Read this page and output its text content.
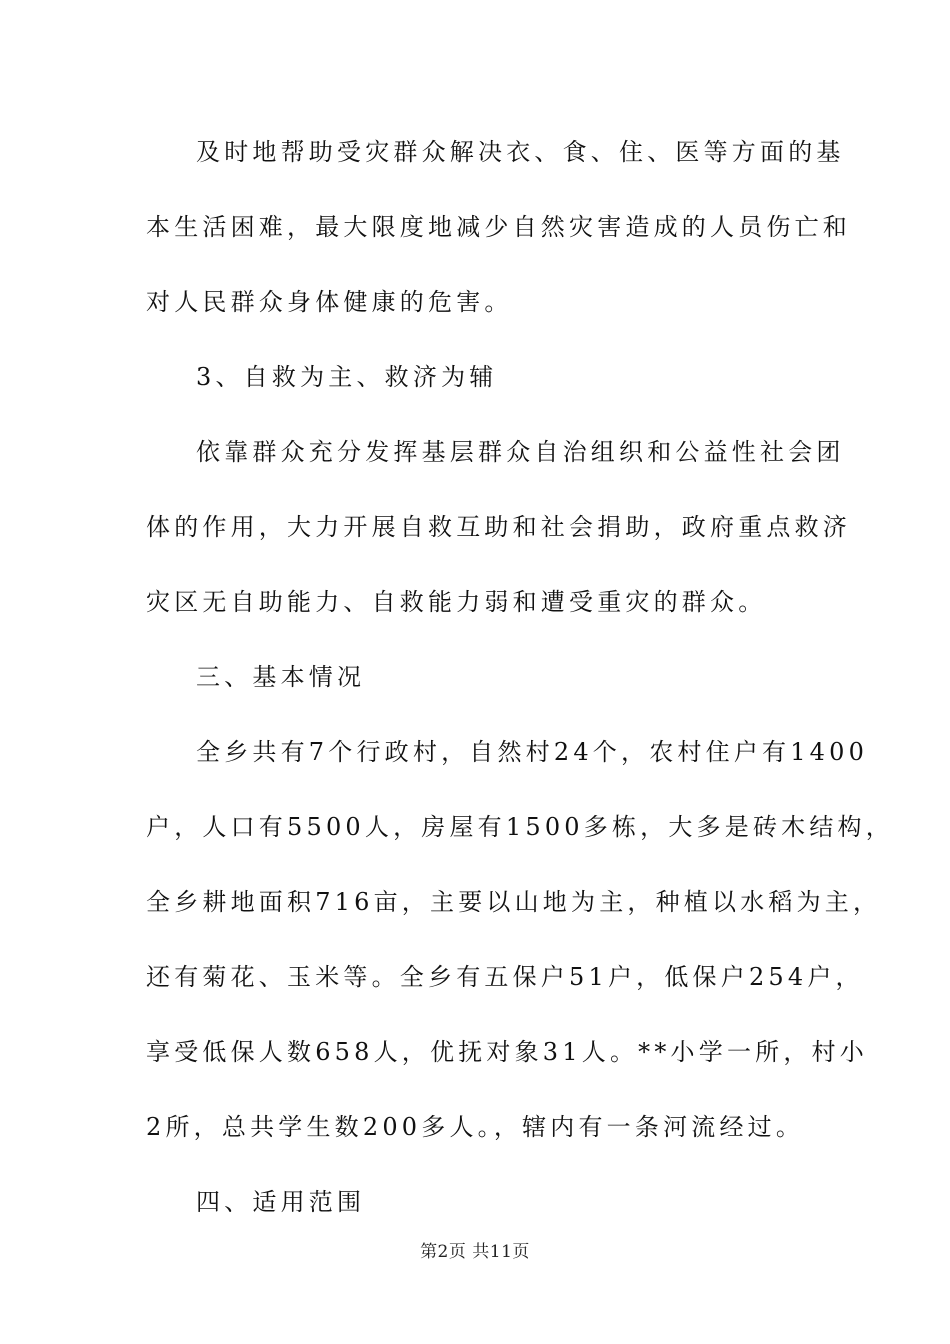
及时地帮助受灾群众解决衣、食、住、医等方面的基
本生活困难，最大限度地减少自然灾害造成的人员伤亡和
对人民群众身体健康的危害。
3、自救为主、救济为辅
依靠群众充分发挥基层群众自治组织和公益性社会团
体的作用，大力开展自救互助和社会捐助，政府重点救济
灾区无自助能力、自救能力弱和遭受重灾的群众。
三、基本情况
全乡共有7个行政村，自然村24个，农村住户有1400
户，人口有5500人，房屋有1500多栋，大多是砖木结构，
全乡耕地面积716亩，主要以山地为主，种植以水稻为主，
还有菊花、玉米等。全乡有五保户51户，低保户254户，
享受低保人数658人，优抚对象31人。**小学一所，村小
2所，总共学生数200多人。，辖内有一条河流经过。
四、适用范围
第2页 共11页
